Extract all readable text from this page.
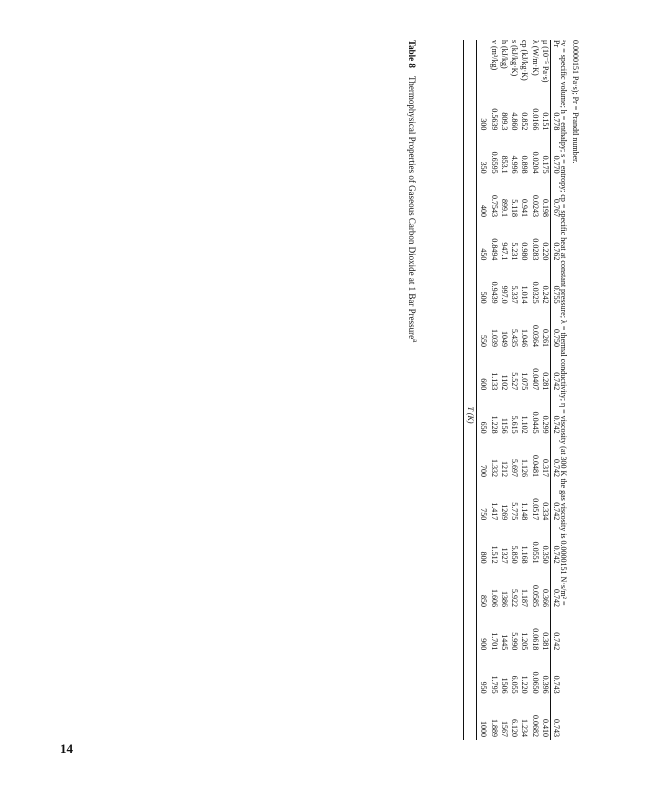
14
Table 8Thermophysical Properties of Gaseous Carbon Dioxide at 1 Bar Pressure$^a$
Pr	0.778	0.770	0.767	0.762	0.755	0.750	0.742	0.742	0.742	0.742	0.742	0.742	0.742	0.743	0.743
μ (10⁻⁵ Pa·s)	0.151	0.175	0.198	0.220	0.242	0.261	0.281	0.299	0.317	0.334	0.350	0.366	0.381	0.396	0.410
λ (W/m·K)	0.0166	0.0204	0.0243	0.0283	0.0325	0.0364	0.0407	0.0445	0.0481	0.0517	0.0551	0.0585	0.0618	0.0650	0.0682
cp (kJ/kg·K)	0.852	0.898	0.941	0.980	1.014	1.046	1.075	1.102	1.126	1.148	1.168	1.187	1.205	1.220	1.234
s (kJ/kg·K)	4.860	4.996	5.118	5.231	5.337	5.435	5.527	5.615	5.697	5.775	5.850	5.922	5.990	6.055	6.120
h (kJ/kg)	809.3	853.1	899.1	947.1	997.0	1049	1102	1156	1212	1269	1327	1386	1445	1506	1567
v (m³/kg)	0.5639	0.6595	0.7543	0.8494	0.9439	1.039	1.133	1.228	1.332	1.417	1.512	1.606	1.701	1.795	1.889
	300	350	400	450	500	550	600	650	700	750	800	850	900	950	1000
	T (K)														
0.0000151 Pa·s); Pr = Prandtl number.
ᵃv = specific volume; h = enthalpy; s = entropy; cp = specific heat at constant pressure; λ = thermal conductivity; η = viscosity (at 300 K the gas viscosity is 0.0000151 N·s/m² =
